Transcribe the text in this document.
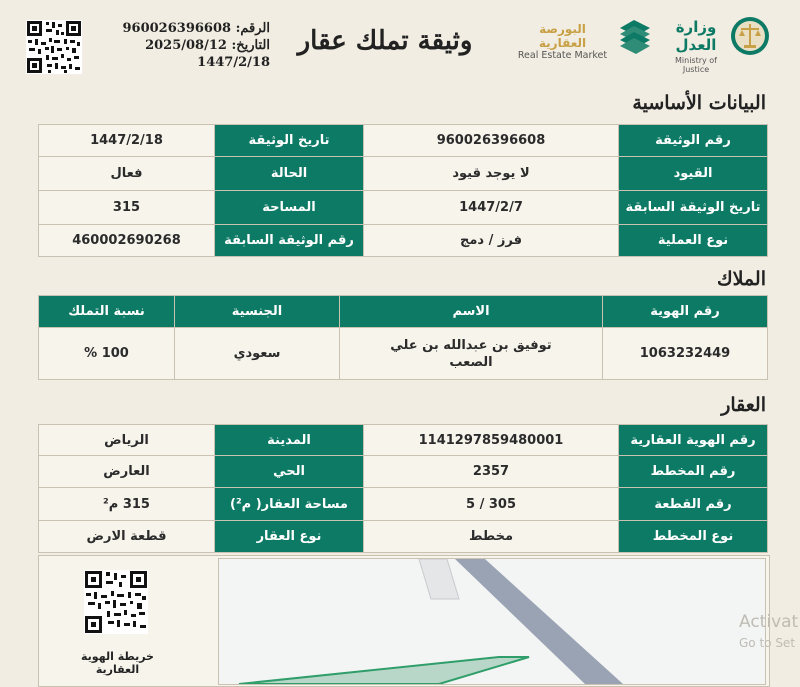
الرقم: 960026396608
التاريخ: 2025/08/12
1447/2/18
وثيقة تملك عقار	البورصة العقارية
Real Estate Market
وزارة العدل
Ministry of Justice
البيانات الأساسية
رقم الوثيقة	960026396608	تاريخ الوثيقة	1447/2/18
القيود	لا يوجد قيود	الحالة	فعال
تاريخ الوثيقة السابقة	1447/2/7	المساحة	315
نوع العملية	فرز / دمج	رقم الوثيقة السابقة	460002690268
الملاك
رقم الهوية	الاسم	الجنسية	نسبة التملك
1063232449	توفيق بن عبدالله بن علي الصعب	سعودي	100 %
العقار
رقم الهوية العقارية	1141297859480001	المدينة	الرياض
رقم المخطط	2357	الحي	العارض
رقم القطعة	305 / 5	مساحة العقار( م²)	315 م²
نوع المخطط	مخطط	نوع العقار	قطعة الارض
خريطة الهوية العقارية
Activat
Go to Set
